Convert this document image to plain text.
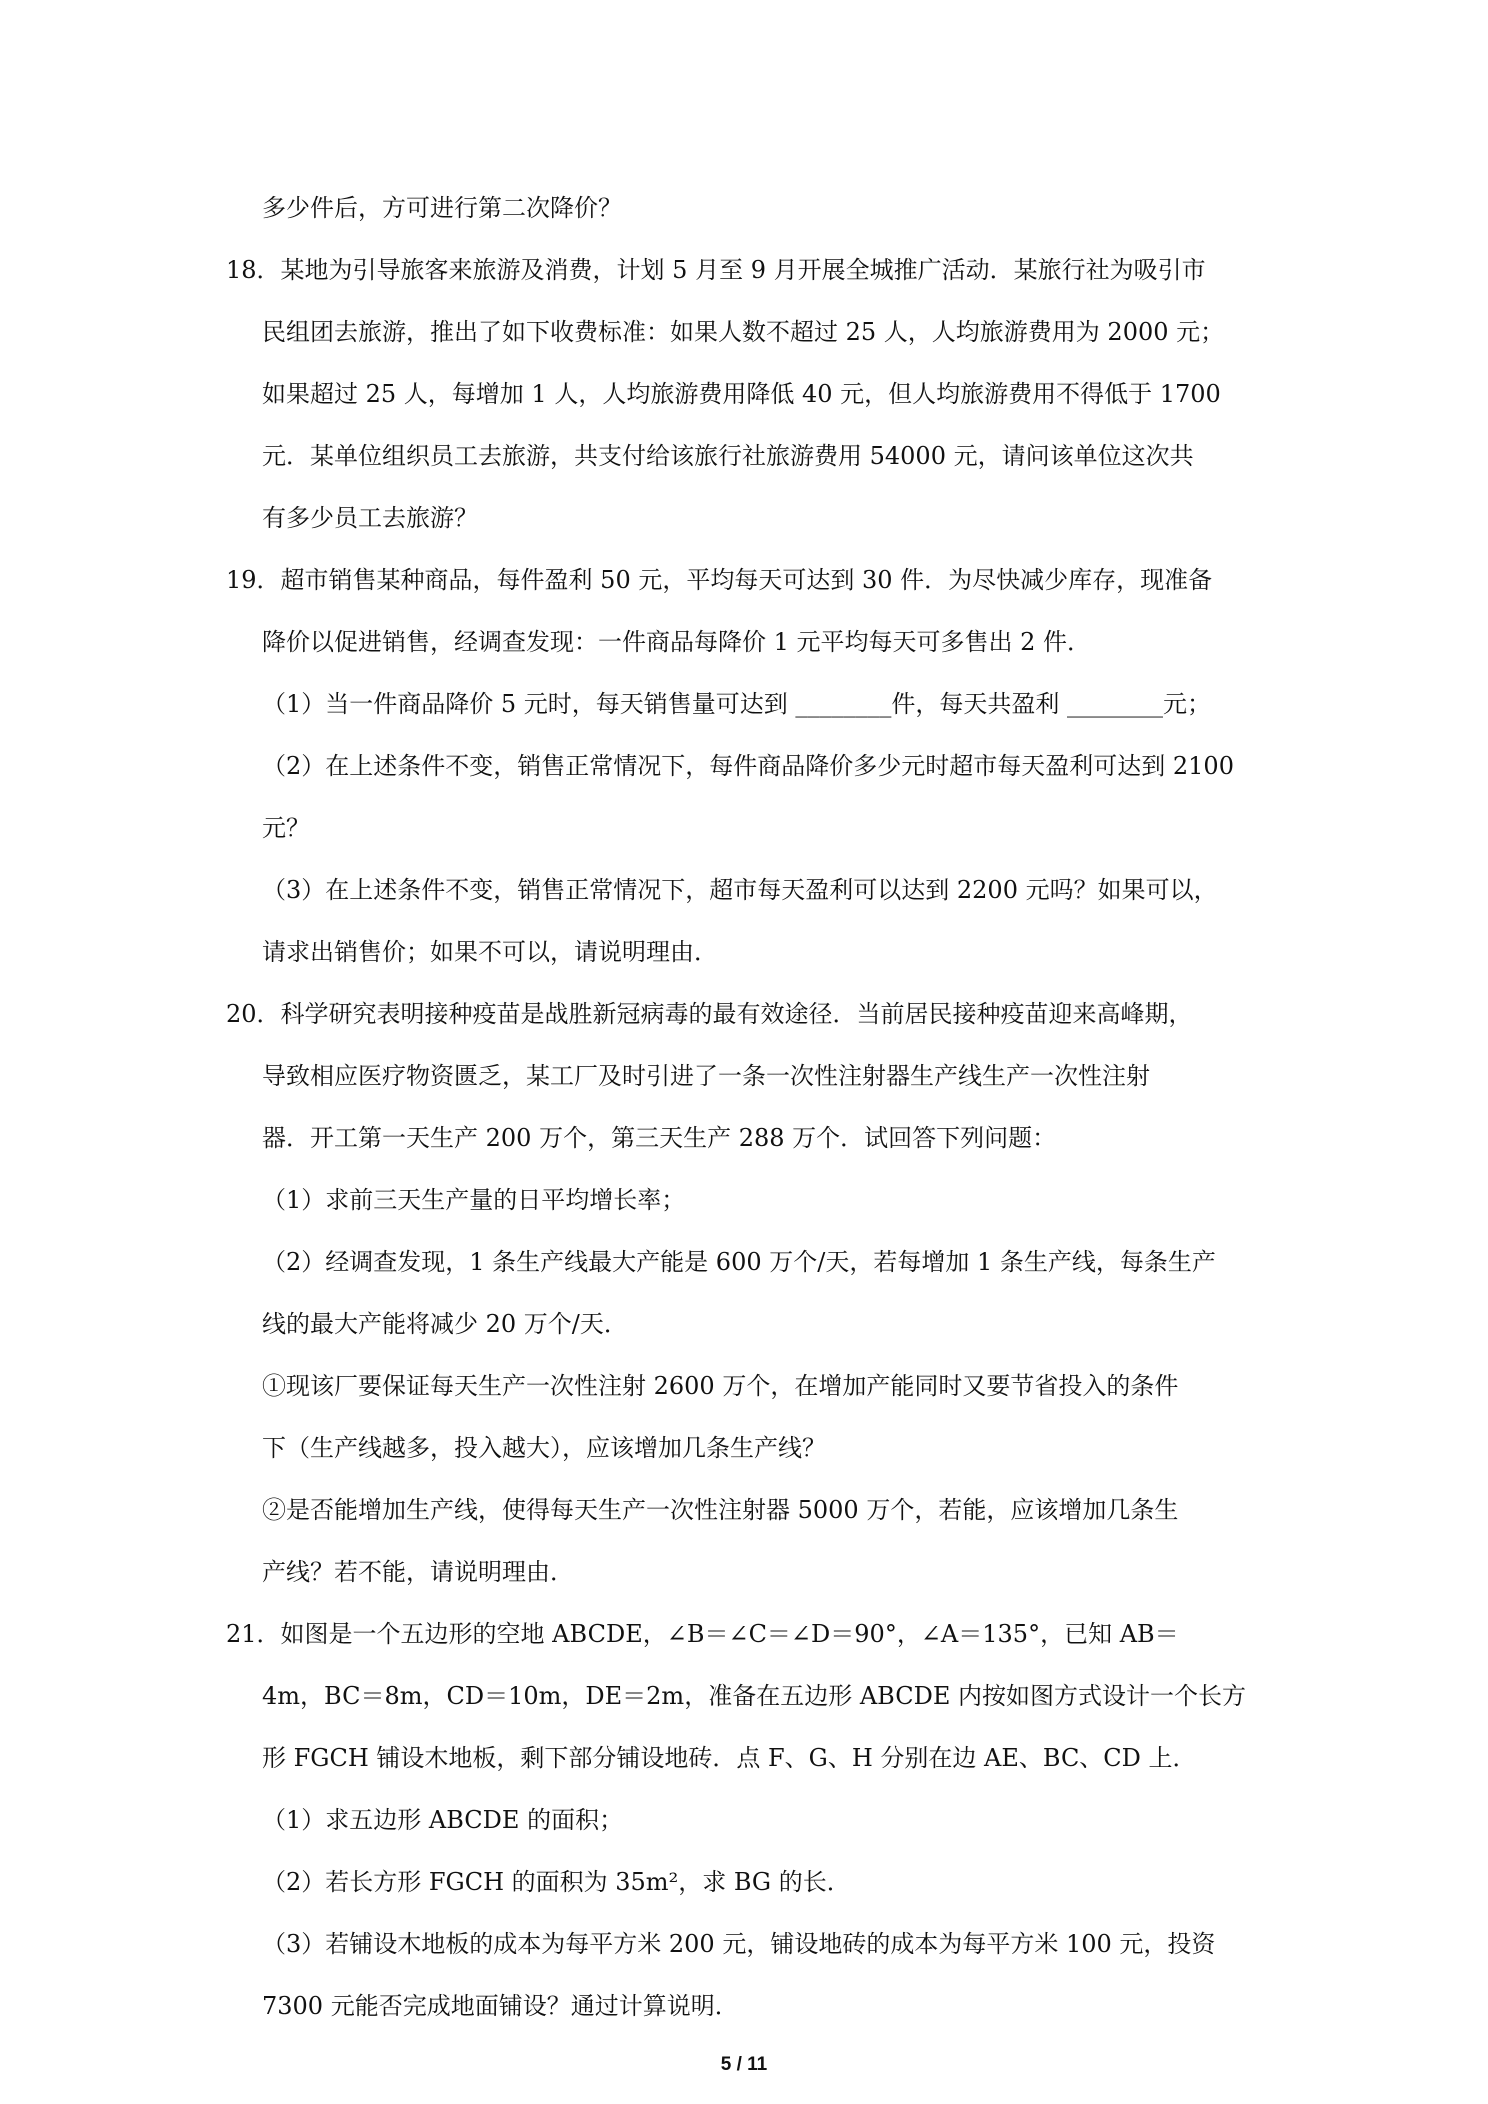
多少件后，方可进行第二次降价？
18．某地为引导旅客来旅游及消费，计划 5 月至 9 月开展全城推广活动．某旅行社为吸引市
民组团去旅游，推出了如下收费标准：如果人数不超过 25 人，人均旅游费用为 2000 元；
如果超过 25 人，每增加 1 人，人均旅游费用降低 40 元，但人均旅游费用不得低于 1700
元．某单位组织员工去旅游，共支付给该旅行社旅游费用 54000 元，请问该单位这次共
有多少员工去旅游？
19．超市销售某种商品，每件盈利 50 元，平均每天可达到 30 件．为尽快减少库存，现准备
降价以促进销售，经调查发现：一件商品每降价 1 元平均每天可多售出 2 件．
（1）当一件商品降价 5 元时，每天销售量可达到 ________件，每天共盈利 ________元；
（2）在上述条件不变，销售正常情况下，每件商品降价多少元时超市每天盈利可达到 2100
元？
（3）在上述条件不变，销售正常情况下，超市每天盈利可以达到 2200 元吗？如果可以，
请求出销售价；如果不可以，请说明理由．
20．科学研究表明接种疫苗是战胜新冠病毒的最有效途径．当前居民接种疫苗迎来高峰期，
导致相应医疗物资匮乏，某工厂及时引进了一条一次性注射器生产线生产一次性注射
器．开工第一天生产 200 万个，第三天生产 288 万个．试回答下列问题：
（1）求前三天生产量的日平均增长率；
（2）经调查发现，1 条生产线最大产能是 600 万个/天，若每增加 1 条生产线，每条生产
线的最大产能将减少 20 万个/天．
①现该厂要保证每天生产一次性注射 2600 万个，在增加产能同时又要节省投入的条件
下（生产线越多，投入越大），应该增加几条生产线？
②是否能增加生产线，使得每天生产一次性注射器 5000 万个，若能，应该增加几条生
产线？若不能，请说明理由．
21．如图是一个五边形的空地 ABCDE，∠B＝∠C＝∠D＝90°，∠A＝135°，已知 AB＝
4m，BC＝8m，CD＝10m，DE＝2m，准备在五边形 ABCDE 内按如图方式设计一个长方
形 FGCH 铺设木地板，剩下部分铺设地砖．点 F、G、H 分别在边 AE、BC、CD 上．
（1）求五边形 ABCDE 的面积；
（2）若长方形 FGCH 的面积为 35m²，求 BG 的长．
（3）若铺设木地板的成本为每平方米 200 元，铺设地砖的成本为每平方米 100 元，投资
7300 元能否完成地面铺设？通过计算说明．
5 / 11
